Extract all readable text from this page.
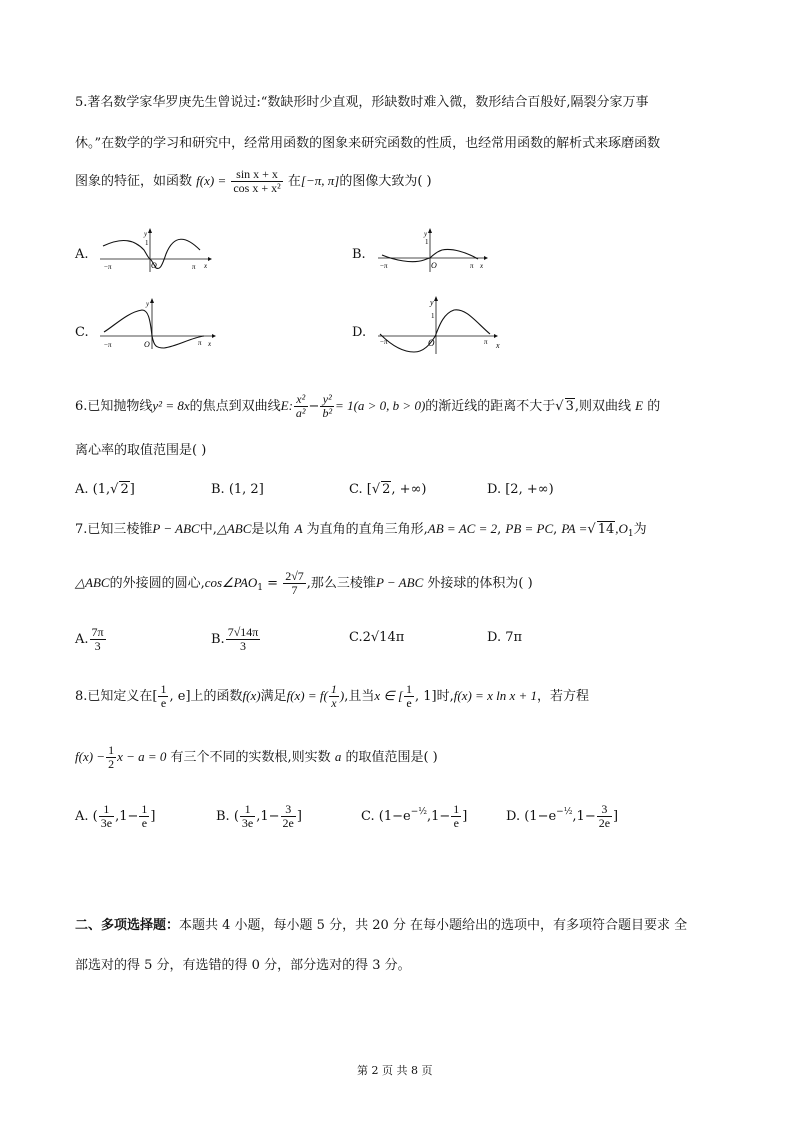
5.著名数学家华罗庚先生曾说过:“数缺形时少直观，形缺数时难入微，数形结合百般好,隔裂分家万事
休。”在数学的学习和研究中，经常用函数的图象来研究函数的性质，也经常用函数的解析式来琢磨函数
图象的特征，如函数 $f(x) = \frac{\text{sin x + x}}{\text{cos x + x²}}$ 在[−π, π]的图像大致为( )
A.
−π	π x
O
y
1
B.
−π	π x
O
y
1
C.
−π	π x
O
y
D.
−π	π x
O
y
1
6.已知抛物线y² = 8x的焦点到双曲线E: $\frac{\text{x²}}{\text{a²}} - \frac{\text{y²}}{\text{b²}} = 1(a > 0$, b > 0)的渐近线的距离不大于√ 3,则双曲线 E 的
离心率的取值范围是( )
A. (1,√ 2]	B. (1, 2]	C. [√ 2, +∞)	D. [2, +∞)
7.已知三棱锥P − ABC中,△ABC是以角 A 为直角的直角三角形,AB = AC = 2, PB = PC, PA =√ $14,O_1$为
△ABC的外接圆的圆心$,\cos\angle PAO_1 = \frac{2√7}{7}$ ,那么三棱锥P − ABC 外接球的体积为( )
A. $\frac{7\pi}{3}$	B. $\frac{7√14\pi}{3}$	C.2√14π	D. 7π
8.已知定义在[ $\frac{1}{e}$ , e]上的函数f(x)满足$f(x) = f( \frac{1}{x}$ ),且当x ∈ [ $\frac{1}{e}$ , 1]时,f(x) = x ln x + 1，若方程
$f(x) - \frac{1}{2}$ x − a = 0 有三个不同的实数根,则实数 a 的取值范围是( )
A. ( $\frac{1}{3e} ,1- \frac{1}{e}$ ]	B. ( $\frac{1}{3e} ,1- \frac{3}{2e}$ ]	C. ($1-e^{-\frac{1}{2}},1- \frac{1}{e}$ ]	D. ($1-e^{-\frac{1}{2}},1- \frac{3}{2e}$ ]
二、多项选择题：本题共 4 小题，每小题 5 分，共 20 分 在每小题给出的选项中，有多项符合题目要求 全
部选对的得 5 分，有选错的得 0 分，部分选对的得 3 分。
第 2 页 共 8 页
